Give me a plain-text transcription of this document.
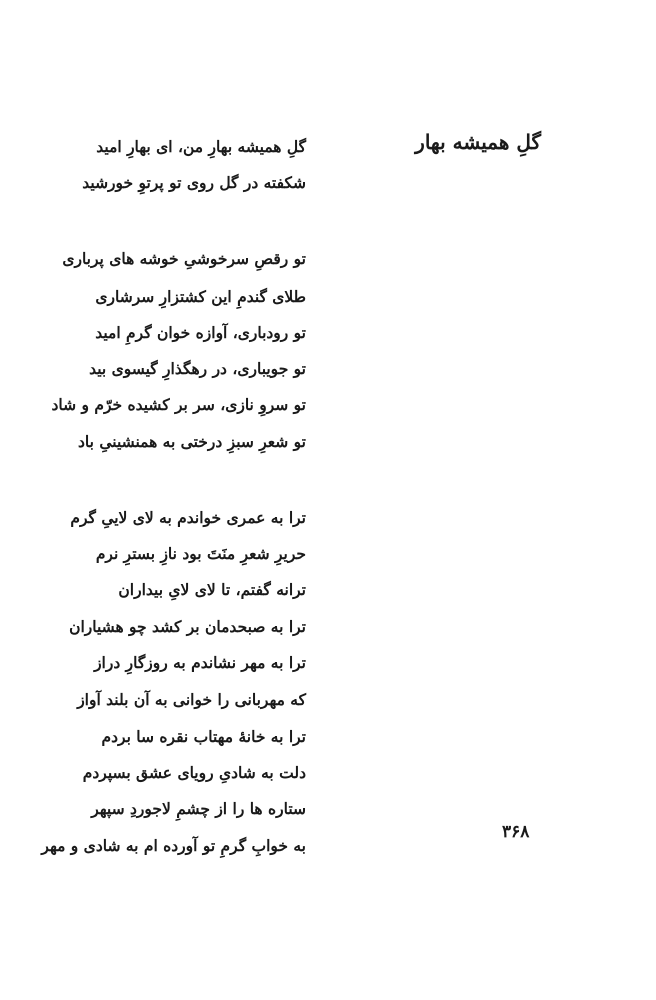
گلِ همیشه بهار
گلِ همیشه بهارِ من، ای بهارِ امید
شکفته در گل روی تو پرتوِ خورشید
تو رقصِ سرخوشیِ خوشه های پرباری
طلای گندمِ این کشتزارِ سرشاری
تو رودباری، آوازه خوان گرمِ امید
تو جویباری، در رهگذارِ گیسوی بید
تو سروِ نازی، سر بر کشیده خرّم و شاد
تو شعرِ سبزِ درختی به همنشینیِ باد
ترا به عمری خواندم به لای لاییِ گرم
حریرِ شعرِ منَتَ بود نازِ بسترِ نرم
ترانه گفتم، تا لای لایِ بیداران
ترا به صبحدمان بر کشد چو هشیاران
ترا به مهر نشاندم به روزگارِ دراز
که مهربانی را خوانی به آن بلند آواز
ترا به خانهٔ مهتاب نقره سا بردم
دلت به شادیِ رویای عشق بسپردم
ستاره ها را از چشمِ لاجوردِ سپهر
به خوابِ گرمِ تو آورده ام به شادی و مهر
۳۶۸
